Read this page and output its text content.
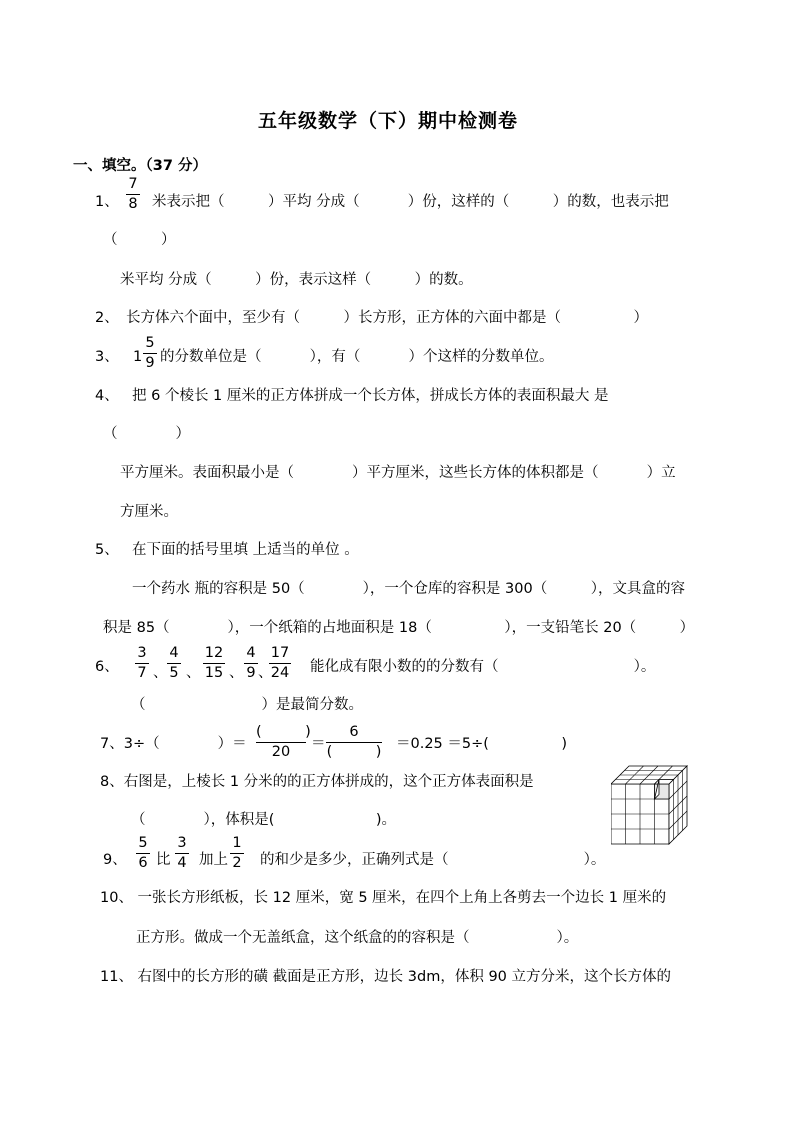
五年级数学（下）期中检测卷
一、填空。（37 分）
1、
7
8 米表示把（　　　）平均 分成（　　　 ）份，这样的（　　　）的数，也表示把
（　　　）
米平均 分成（　　　）份，表示这样（　　　）的数。
2、 长方体六个面中，至少有（　　　）长方形，正方体的六面中都是（　　　　　）
3、 1
5
9 的分数单位是（　　　 ），有（　　　 ）个这样的分数单位。
4、 把 6 个棱长 1 厘米的正方体拼成一个长方体，拼成长方体的表面积最大 是
（　　　　）
平方厘米。表面积最小是（　　　　）平方厘米，这些长方体的体积都是（　　　 ）立
方厘米。
5、 在下面的括号里填 上适当的单位 。
一个药水 瓶的容积是 50（　　　　），一个仓库的容积是 300（　　　），文具盒的容
积是 85（　　　　），一个纸箱的占地面积是 18（　　　　　），一支铅笔长 20（　　　）
6、
3
7 、
4
5 、
12
15 、
4
9 、
17
24 能化成有限小数的的分数有（　　　　　　　　　 ）。
（　　　　　　　　）是最简分数。
7、3÷（　　　　）＝
(　　　)
20	＝
6
(　　　) ＝0.25 ＝5÷(　　　　　)
8、右图是，上棱长 1 分米的的正方体拼成的，这个正方体表面积是
（　　　　），体积是(　　　　　　　)。
9、
5
6 比
3
4 加上
1
2 的和少是多少，正确列式是（　　　　　　　　　 ）。
10、 一张长方形纸板，长 12 厘米，宽 5 厘米，在四个上角上各剪去一个边长 1 厘米的
正方形。做成一个无盖纸盒，这个纸盒的的容积是（　　　　　　）。
11、 右图中的长方形的磺 截面是正方形，边长 3dm，体积 90 立方分米，这个长方体的
